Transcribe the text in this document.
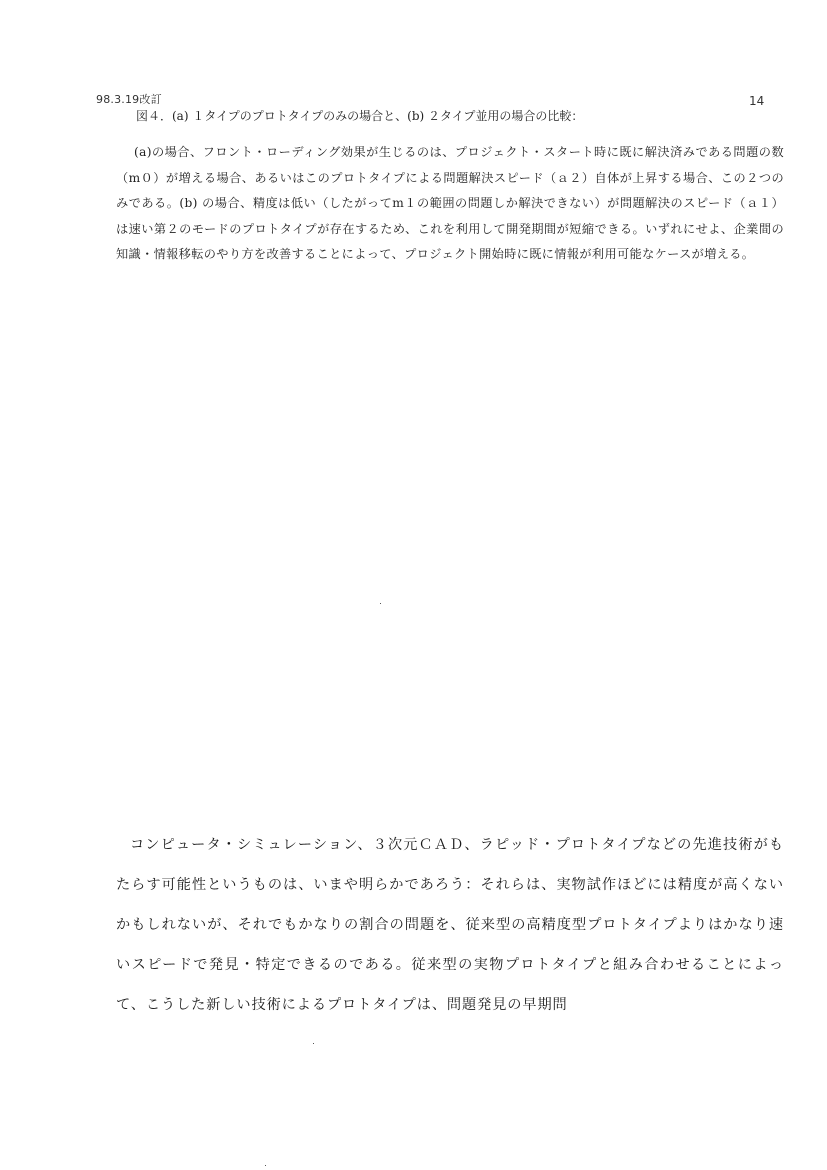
98.3.19改訂	14
図４．(a) １タイプのプロトタイプのみの場合と、(b) ２タイプ並用の場合の比較：
(a)の場合、フロント・ローディング効果が生じるのは、プロジェクト・スタート時に既に解決済みである問題の数（m０）が増える場合、あるいはこのプロトタイプによる問題解決スピード（ａ２）自体が上昇する場合、この２つのみである。(b) の場合、精度は低い（したがってm１の範囲の問題しか解決できない）が問題解決のスピード（ａ１）は速い第２のモードのプロトタイプが存在するため、これを利用して開発期間が短縮できる。いずれにせよ、企業間の知識・情報移転のやり方を改善することによって、プロジェクト開始時に既に情報が利用可能なケースが増える。
コンピュータ・シミュレーション、３次元ＣＡＤ、ラピッド・プロトタイプなどの先進技術がもたらす可能性というものは、いまや明らかであろう：それらは、実物試作ほどには精度が高くないかもしれないが、それでもかなりの割合の問題を、従来型の高精度型プロトタイプよりはかなり速いスピードで発見・特定できるのである。従来型の実物プロトタイプと組み合わせることによって、こうした新しい技術によるプロトタイプは、問題発見の早期問
